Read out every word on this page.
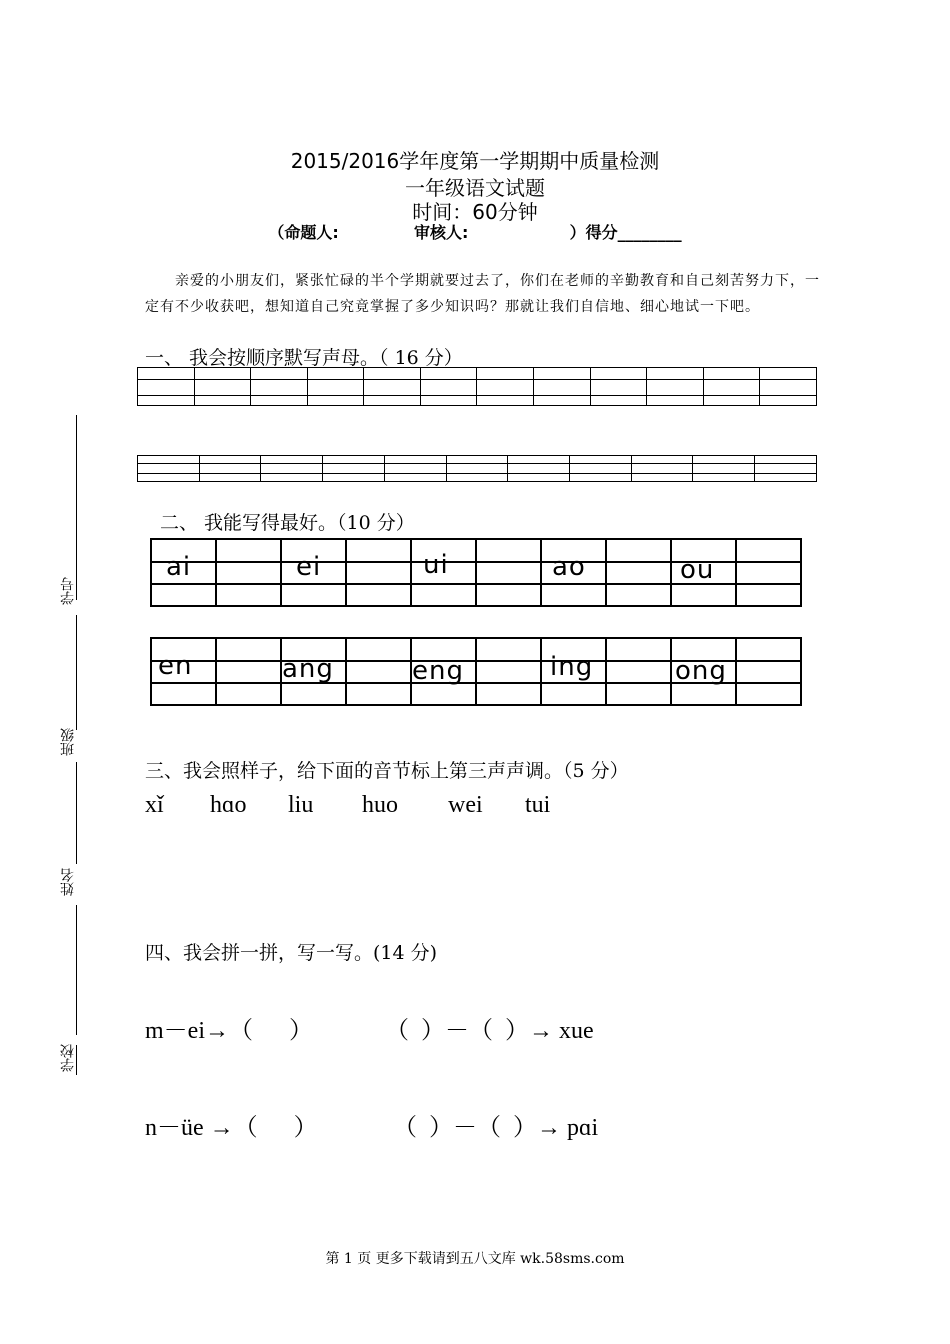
2015/2016学年度第一学期期中质量检测
一年级语文试题
时间：60分钟
（命题人:	审核人:	）得分________
亲爱的小朋友们，紧张忙碌的半个学期就要过去了，你们在老师的辛勤教育和自己刻苦努力下，一定有不少收获吧，想知道自己究竟掌握了多少知识吗？那就让我们自信地、细心地试一下吧。
一、 我会按顺序默写声母。（ 16 分）

二、 我能写得最好。（10 分）

ai	ei	ui	ao	ou

en	ang	eng	ing	ong
三、我会照样子，给下面的音节标上第三声声调。（5 分）
xǐ hɑo liu huo wei tui
四、我会拼一拼，写一写。(14 分)
m－ei→（      ）	（  ）－（  ）→ xue
n－üe →（      ）	（  ）－（  ）→ pɑi
学号
班级
姓名
学校
第 1 页 更多下载请到五八文库 wk.58sms.com
